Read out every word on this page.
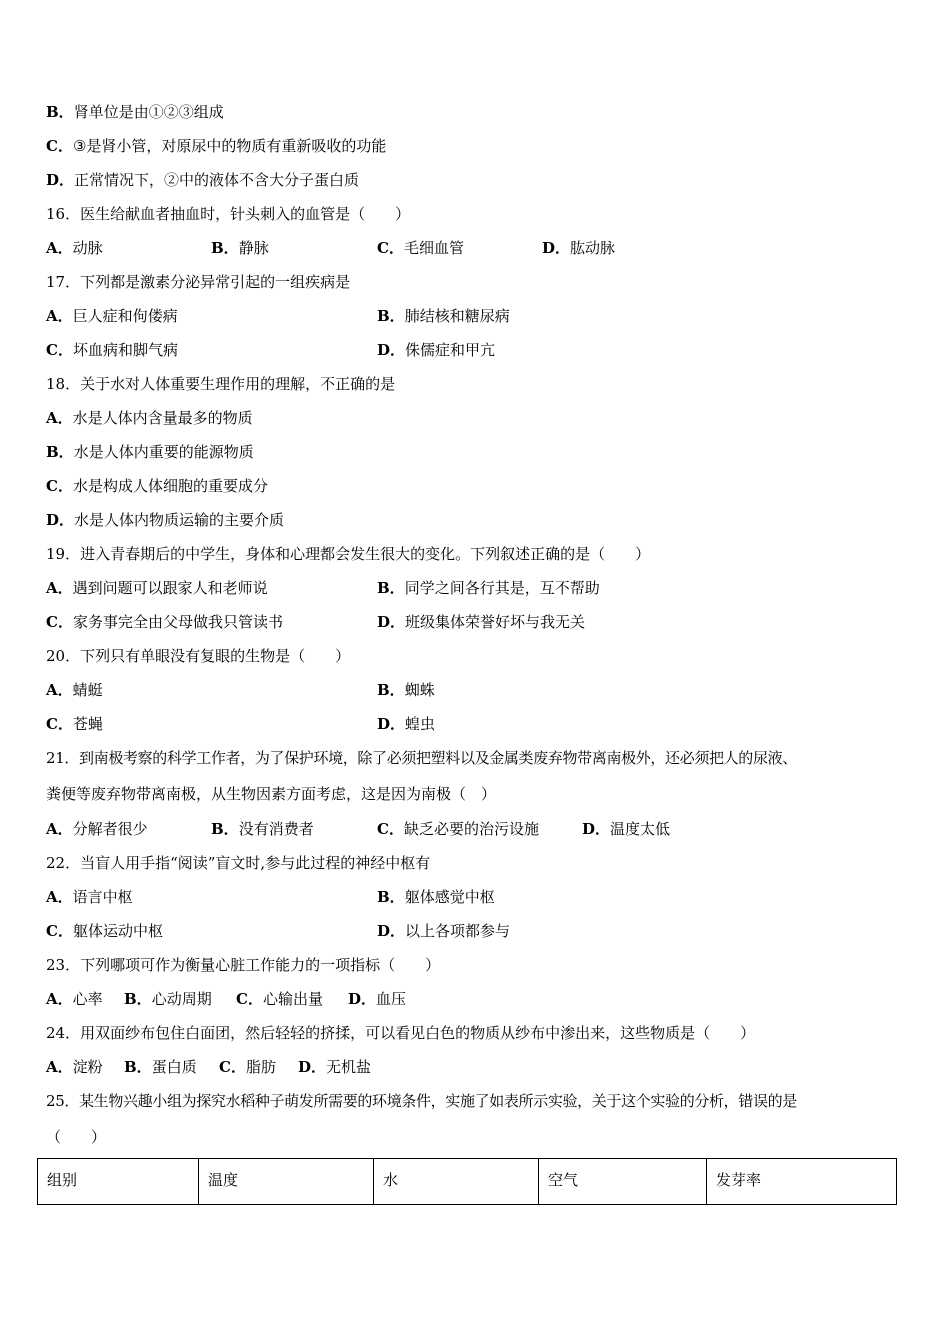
B．肾单位是由①②③组成
C．③是肾小管，对原尿中的物质有重新吸收的功能
D．正常情况下，②中的液体不含大分子蛋白质
16．医生给献血者抽血时，针头刺入的血管是（　　）
A．动脉	B．静脉	C．毛细血管	D．肱动脉
17．下列都是激素分泌异常引起的一组疾病是
A．巨人症和佝偻病	B．肺结核和糖尿病
C．坏血病和脚气病	D．侏儒症和甲亢
18．关于水对人体重要生理作用的理解，不正确的是
A．水是人体内含量最多的物质
B．水是人体内重要的能源物质
C．水是构成人体细胞的重要成分
D．水是人体内物质运输的主要介质
19．进入青春期后的中学生，身体和心理都会发生很大的变化。下列叙述正确的是（　　）
A．遇到问题可以跟家人和老师说	B．同学之间各行其是，互不帮助
C．家务事完全由父母做我只管读书	D．班级集体荣誉好坏与我无关
20．下列只有单眼没有复眼的生物是（　　）
A．蜻蜓	B．蜘蛛
C．苍蝇	D．蝗虫
21．到南极考察的科学工作者，为了保护环境，除了必须把塑料以及金属类废弃物带离南极外，还必须把人的尿液、
粪便等废弃物带离南极，从生物因素方面考虑，这是因为南极（　）
A．分解者很少	B．没有消费者	C．缺乏必要的治污设施	D．温度太低
22．当盲人用手指“阅读”盲文时,参与此过程的神经中枢有
A．语言中枢	B．躯体感觉中枢
C．躯体运动中枢	D．以上各项都参与
23．下列哪项可作为衡量心脏工作能力的一项指标（　　）
A．心率 B．心动周期 C．心输出量 D．血压
24．用双面纱布包住白面团，然后轻轻的挤揉，可以看见白色的物质从纱布中渗出来，这些物质是（　　）
A．淀粉 B．蛋白质 C．脂肪 D．无机盐
25．某生物兴趣小组为探究水稻种子萌发所需要的环境条件，实施了如表所示实验，关于这个实验的分析，错误的是
（　　）
组别	温度	水	空气	发芽率
